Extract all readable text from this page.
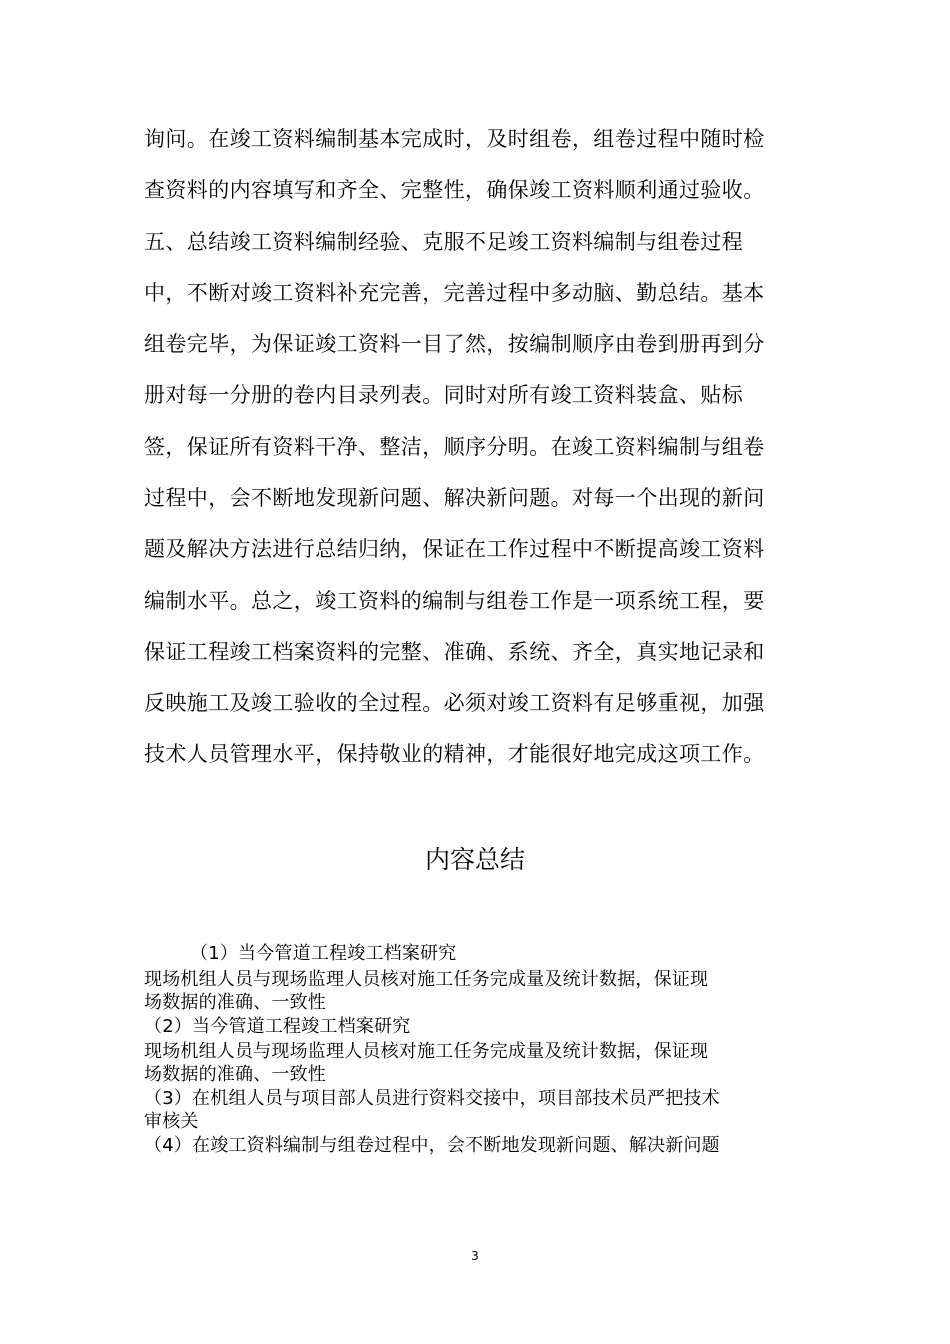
询问。在竣工资料编制基本完成时，及时组卷，组卷过程中随时检
查资料的内容填写和齐全、完整性，确保竣工资料顺利通过验收。
五、总结竣工资料编制经验、克服不足竣工资料编制与组卷过程
中，不断对竣工资料补充完善，完善过程中多动脑、勤总结。基本
组卷完毕，为保证竣工资料一目了然，按编制顺序由卷到册再到分
册对每一分册的卷内目录列表。同时对所有竣工资料装盒、贴标
签，保证所有资料干净、整洁，顺序分明。在竣工资料编制与组卷
过程中，会不断地发现新问题、解决新问题。对每一个出现的新问
题及解决方法进行总结归纳，保证在工作过程中不断提高竣工资料
编制水平。总之，竣工资料的编制与组卷工作是一项系统工程，要
保证工程竣工档案资料的完整、准确、系统、齐全，真实地记录和
反映施工及竣工验收的全过程。必须对竣工资料有足够重视，加强
技术人员管理水平，保持敬业的精神，才能很好地完成这项工作。
内容总结
（1）当今管道工程竣工档案研究
现场机组人员与现场监理人员核对施工任务完成量及统计数据，保证现
场数据的准确、一致性
（2）当今管道工程竣工档案研究
现场机组人员与现场监理人员核对施工任务完成量及统计数据，保证现
场数据的准确、一致性
（3）在机组人员与项目部人员进行资料交接中，项目部技术员严把技术
审核关
（4）在竣工资料编制与组卷过程中，会不断地发现新问题、解决新问题
3
